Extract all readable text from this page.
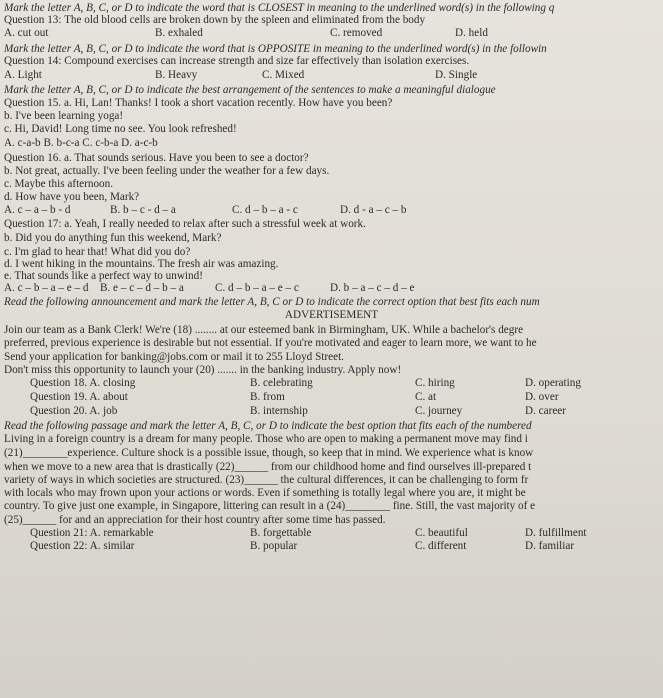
Mark the letter A, B, C, or D to indicate the word that is CLOSEST in meaning to the underlined word(s) in the following q
Question 13: The old blood cells are broken down by the spleen and eliminated from the body
A. cut out	B. exhaled	C. removed	D. held
Mark the letter A, B, C, or D to indicate the word that is OPPOSITE in meaning to the underlined word(s) in the followin
Question 14: Compound exercises can increase strength and size far effectively than isolation exercises.
A. Light	B. Heavy	C. Mixed	D. Single
Mark the letter A, B, C, or D to indicate the best arrangement of the sentences to make a meaningful dialogue
Question 15. a. Hi, Lan! Thanks! I took a short vacation recently. How have you been?
b. I've been learning yoga!
c. Hi, David! Long time no see. You look refreshed!
A. c-a-b B. b-c-a C. c-b-a D. a-c-b
Question 16. a. That sounds serious. Have you been to see a doctor?
b. Not great, actually. I've been feeling under the weather for a few days.
c. Maybe this afternoon.
d. How have you been, Mark?
A. c – a – b - d	B. b – c - d – a	C. d – b – a - c	D. d - a – c – b
Question 17: a. Yeah, I really needed to relax after such a stressful week at work.
b. Did you do anything fun this weekend, Mark?
c. I'm glad to hear that! What did you do?
d. I went hiking in the mountains. The fresh air was amazing.
e. That sounds like a perfect way to unwind!
A. c – b – a – e – d B. e – c – d – b – a	C. d – b – a – e – c	D. b – a – c – d – e
Read the following announcement and mark the letter A, B, C or D to indicate the correct option that best fits each num
ADVERTISEMENT
Join our team as a Bank Clerk! We're (18) ........ at our esteemed bank in Birmingham, UK. While a bachelor's degre
preferred, previous experience is desirable but not essential. If you're motivated and eager to learn more, we want to he
Send your application for banking@jobs.com or mail it to 255 Lloyd Street.
Don't miss this opportunity to launch your (20) ....... in the banking industry. Apply now!
Question 18. A. closing	B. celebrating	C. hiring	D. operating
Question 19. A. about	B. from	C. at	D. over
Question 20. A. job	B. internship	C. journey	D. career
Read the following passage and mark the letter A, B, C, or D to indicate the best option that fits each of the numbered
Living in a foreign country is a dream for many people. Those who are open to making a permanent move may find i
(21)________experience. Culture shock is a possible issue, though, so keep that in mind. We experience what is know
when we move to a new area that is drastically (22)______ from our childhood home and find ourselves ill-prepared t
variety of ways in which societies are structured. (23)______ the cultural differences, it can be challenging to form fr
with locals who may frown upon your actions or words. Even if something is totally legal where you are, it might be
country. To give just one example, in Singapore, littering can result in a (24)________ fine. Still, the vast majority of e
(25)______ for and an appreciation for their host country after some time has passed.
Question 21: A. remarkable	B. forgettable	C. beautiful	D. fulfillment
Question 22: A. similar	B. popular	C. different	D. familiar
